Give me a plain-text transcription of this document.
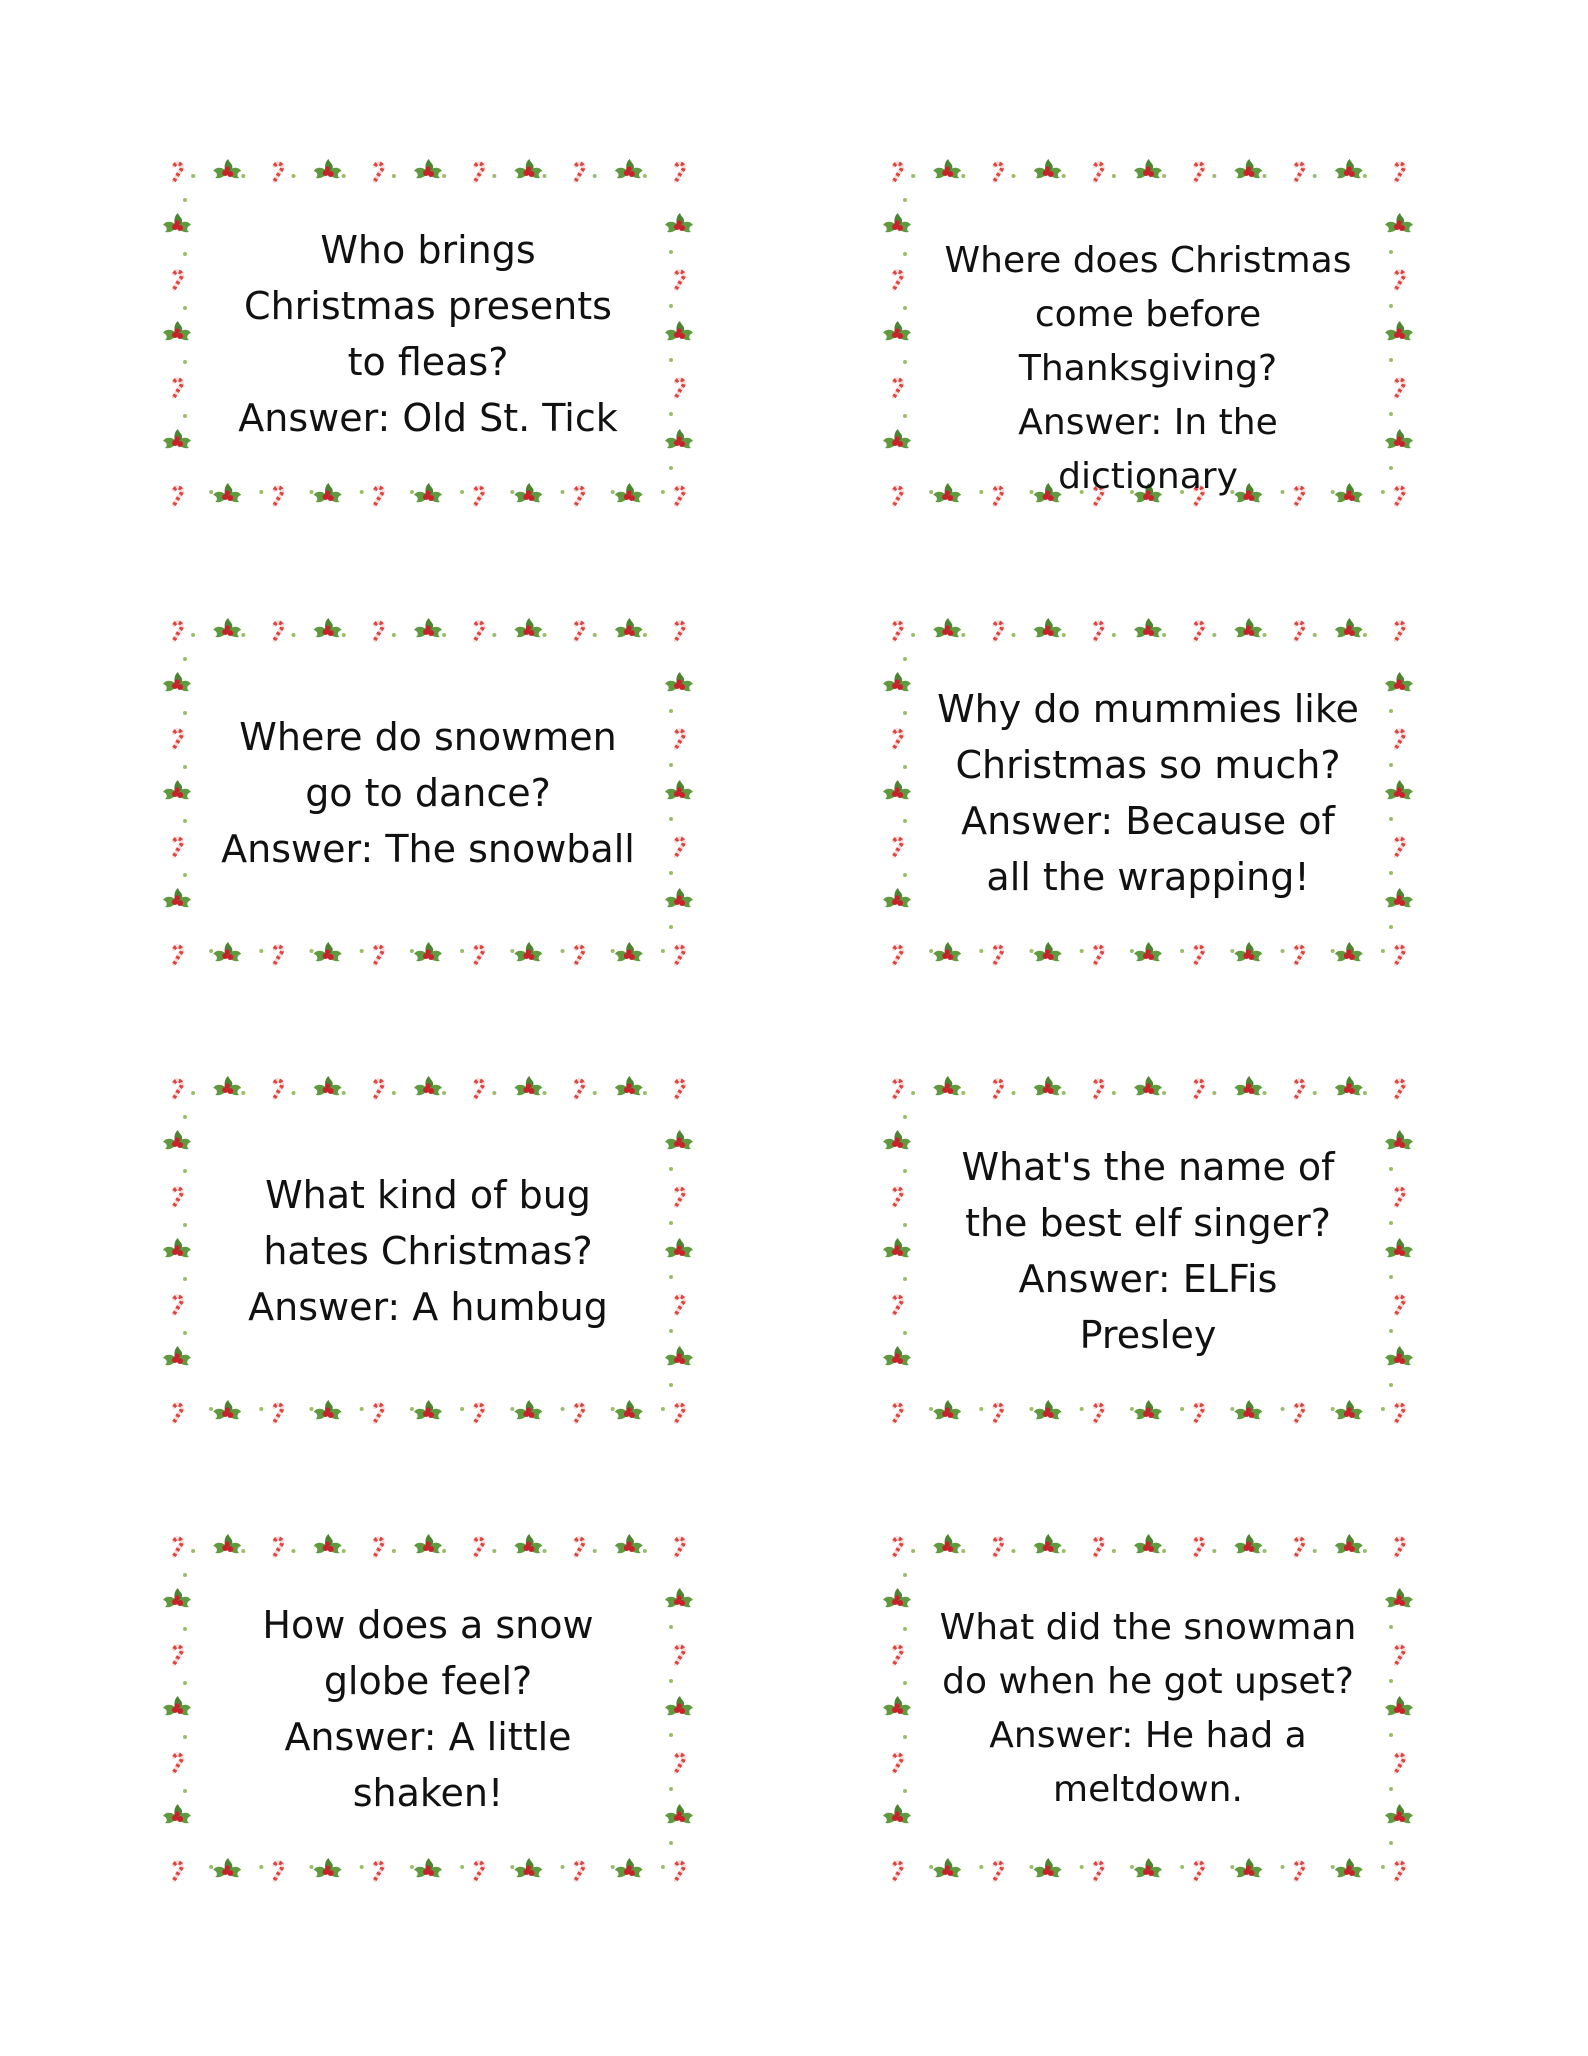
Who brings
Christmas presents
to fleas?
Answer: Old St. Tick
Where does Christmas
come before
Thanksgiving?
Answer: In the
dictionary
Where do snowmen
go to dance?
Answer: The snowball
Why do mummies like
Christmas so much?
Answer: Because of
all the wrapping!
What kind of bug
hates Christmas?
Answer: A humbug
What's the name of
the best elf singer?
Answer: ELFis
Presley
How does a snow
globe feel?
Answer: A little
shaken!
What did the snowman
do when he got upset?
Answer: He had a
meltdown.
